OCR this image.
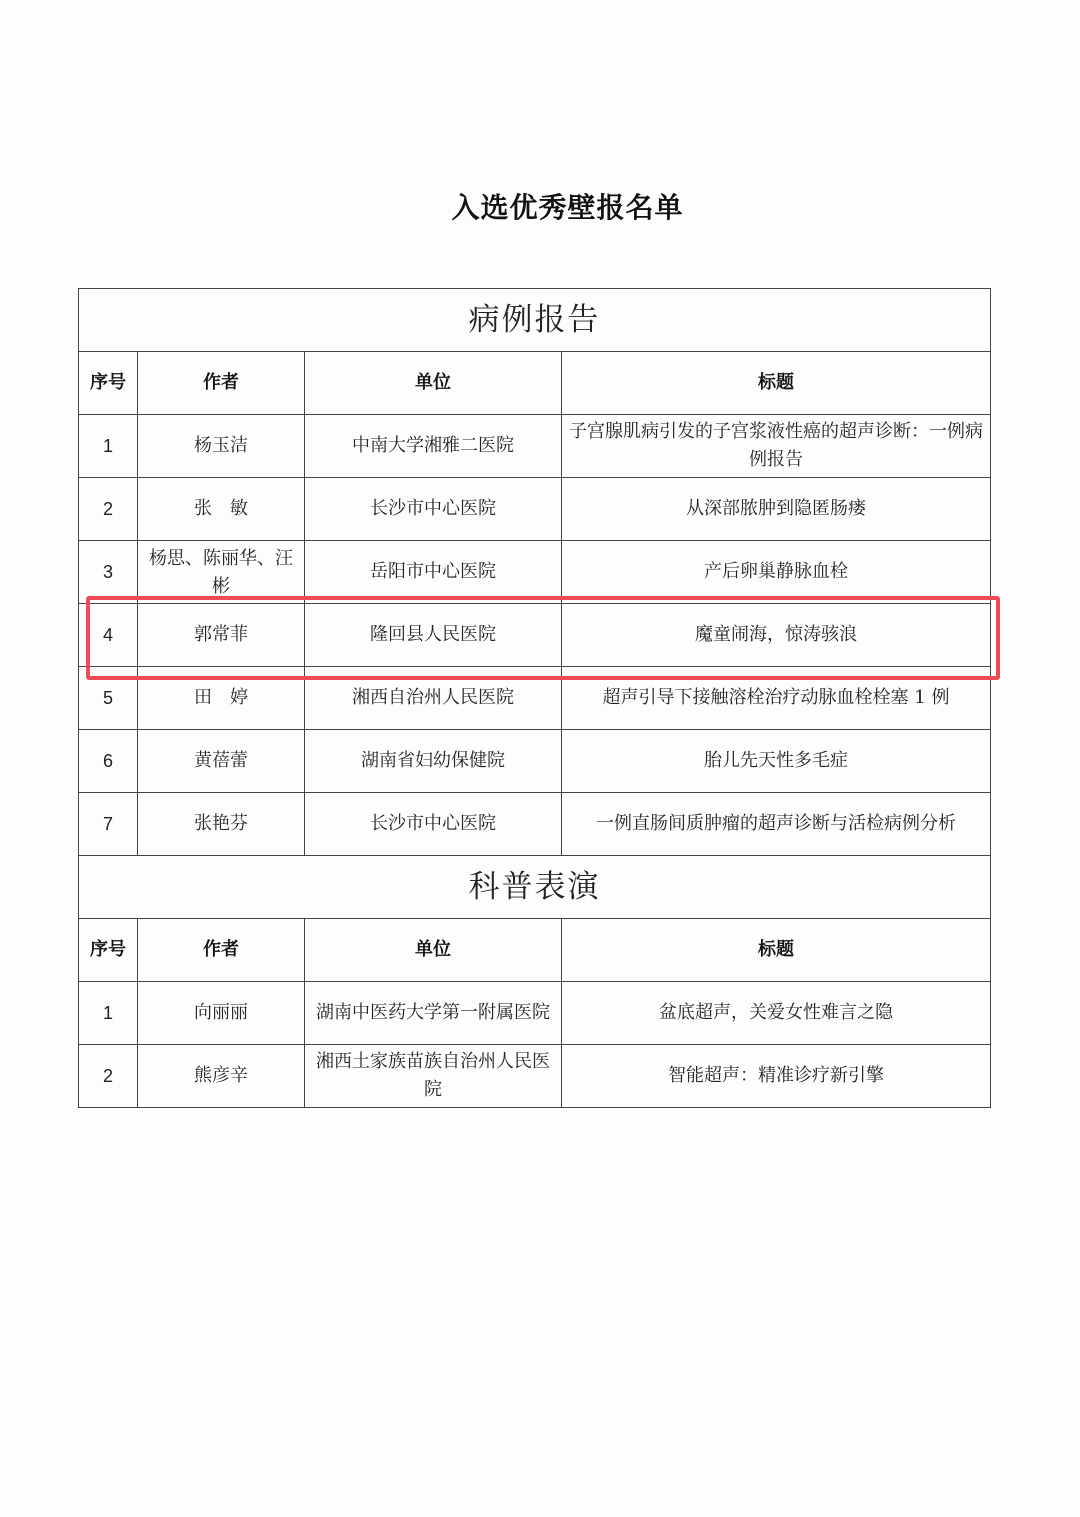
入选优秀壁报名单
病例报告			
序号	作者	单位	标题
1	杨玉洁	中南大学湘雅二医院	子宫腺肌病引发的子宫浆液性癌的超声诊断：一例病例报告
2	张　敏	长沙市中心医院	从深部脓肿到隐匿肠瘘
3	杨思、陈丽华、汪彬	岳阳市中心医院	产后卵巢静脉血栓
4	郭常菲	隆回县人民医院	魔童闹海，惊涛骇浪
5	田　婷	湘西自治州人民医院	超声引导下接触溶栓治疗动脉血栓栓塞 1 例
6	黄蓓蕾	湖南省妇幼保健院	胎儿先天性多毛症
7	张艳芬	长沙市中心医院	一例直肠间质肿瘤的超声诊断与活检病例分析
科普表演			
序号	作者	单位	标题
1	向丽丽	湖南中医药大学第一附属医院	盆底超声，关爱女性难言之隐
2	熊彦辛	湘西土家族苗族自治州人民医院	智能超声：精准诊疗新引擎
